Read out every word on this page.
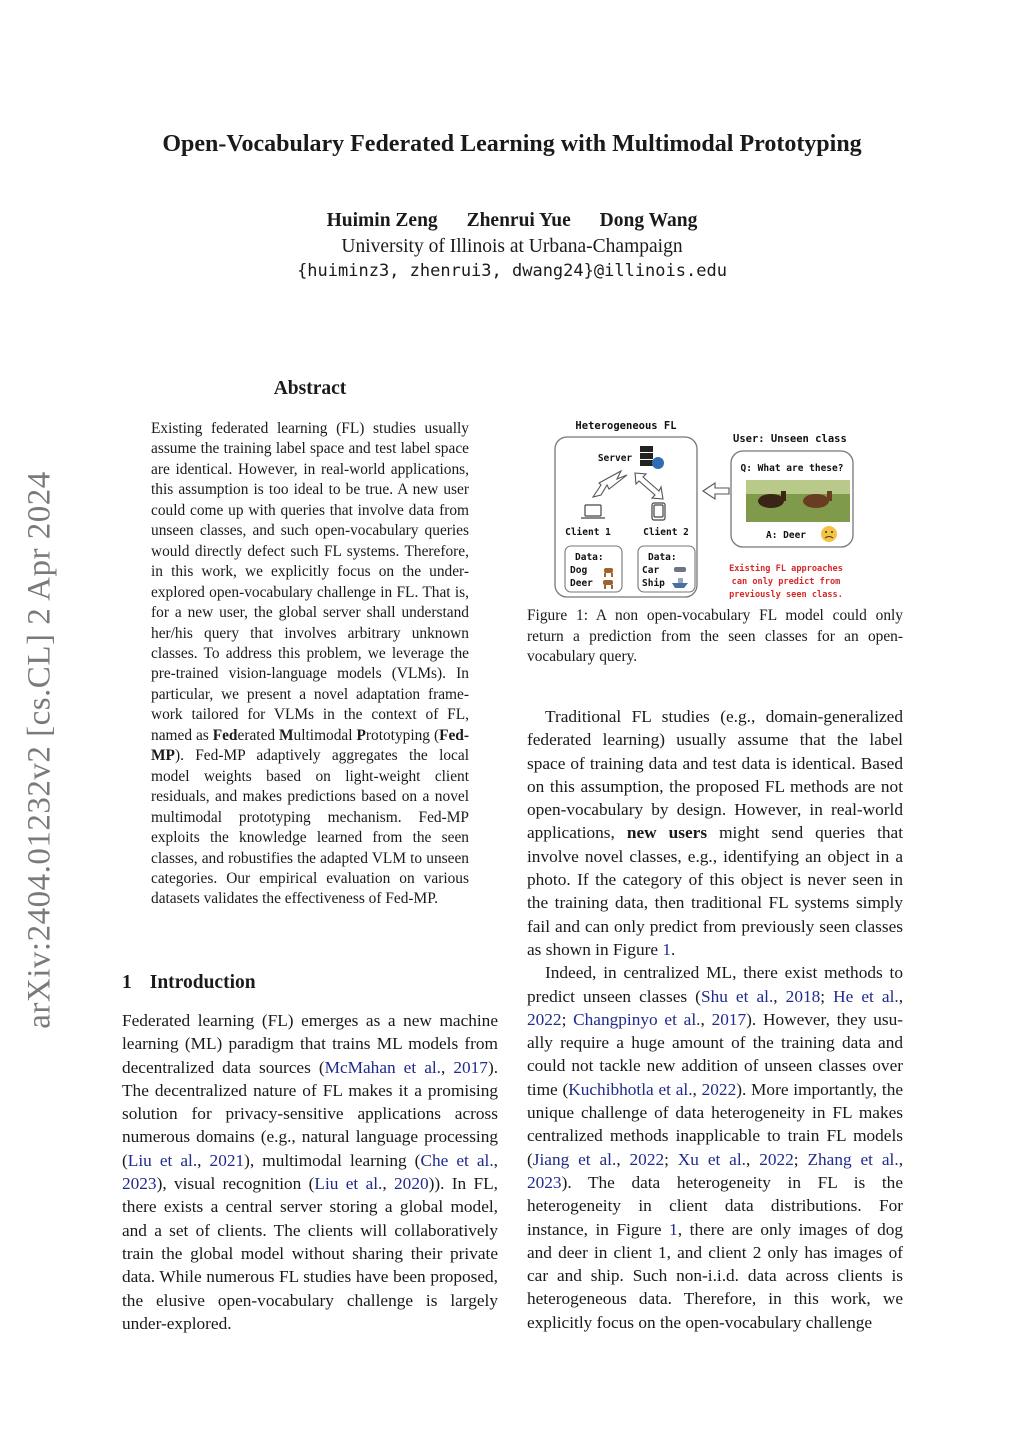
arXiv:2404.01232v2 [cs.CL] 2 Apr 2024
Open-Vocabulary Federated Learning with Multimodal Prototyping
Huimin Zeng Zhenrui Yue Dong Wang
University of Illinois at Urbana-Champaign
{huiminz3, zhenrui3, dwang24}@illinois.edu
Abstract

Existing federated learning (FL) studies usually assume the training label space and test label space are identical. However, in real-world applications, this assumption is too ideal to be true. A new user could come up with queries that involve data from unseen classes, and such open-vocabulary queries would directly defect such FL systems. Therefore, in this work, we explicitly focus on the under-explored open-vocabulary challenge in FL. That is, for a new user, the global server shall understand her/his query that involves arbitrary unknown classes. To address this problem, we leverage the pre-trained vision-language models (VLMs). In particular, we present a novel adaptation framework tailored for VLMs in the context of FL, named as Federated Multimodal Prototyping (Fed-MP). Fed-MP adaptively aggregates the local model weights based on light-weight client residuals, and makes predictions based on a novel multimodal prototyping mechanism. Fed-MP exploits the knowledge learned from the seen classes, and robustifies the adapted VLM to unseen categories. Our empirical evaluation on various datasets validates the effectiveness of Fed-MP.

1 Introduction

Federated learning (FL) emerges as a new machine learning (ML) paradigm that trains ML models from decentralized data sources (McMahan et al., 2017). The decentralized nature of FL makes it a promising solution for privacy-sensitive applications across numerous domains (e.g., natural language processing (Liu et al., 2021), multimodal learning (Che et al., 2023), visual recognition (Liu et al., 2020)). In FL, there exists a central server storing a global model, and a set of clients. The clients will collaboratively train the global model without sharing their private data. While numerous FL studies have been proposed, the elusive open-vocabulary challenge is largely under-explored.

Heterogeneous FL
Server
Client 1	Client 2
Data:
Dog
Deer
Data:
Car
Ship
User: Unseen class
Q: What are these?
A: Deer
Existing FL approaches
can only predict from
previously seen class.
Figure 1: A non open-vocabulary FL model could only return a prediction from the seen classes for an open-vocabulary query.

Traditional FL studies (e.g., domain-generalized federated learning) usually assume that the label space of training data and test data is identical. Based on this assumption, the proposed FL methods are not open-vocabulary by design. However, in real-world applications, new users might send queries that involve novel classes, e.g., identifying an object in a photo. If the category of this object is never seen in the training data, then traditional FL systems simply fail and can only predict from previously seen classes as shown in Figure 1.

Indeed, in centralized ML, there exist methods to predict unseen classes (Shu et al., 2018; He et al., 2022; Changpinyo et al., 2017). However, they usually require a huge amount of the training data and could not tackle new addition of unseen classes over time (Kuchibhotla et al., 2022). More importantly, the unique challenge of data heterogeneity in FL makes centralized methods inapplicable to train FL models (Jiang et al., 2022; Xu et al., 2022; Zhang et al., 2023). The data heterogeneity in FL is the heterogeneity in client data distributions. For instance, in Figure 1, there are only images of dog and deer in client 1, and client 2 only has images of car and ship. Such non-i.i.d. data across clients is heterogeneous data. Therefore, in this work, we explicitly focus on the open-vocabulary challenge
